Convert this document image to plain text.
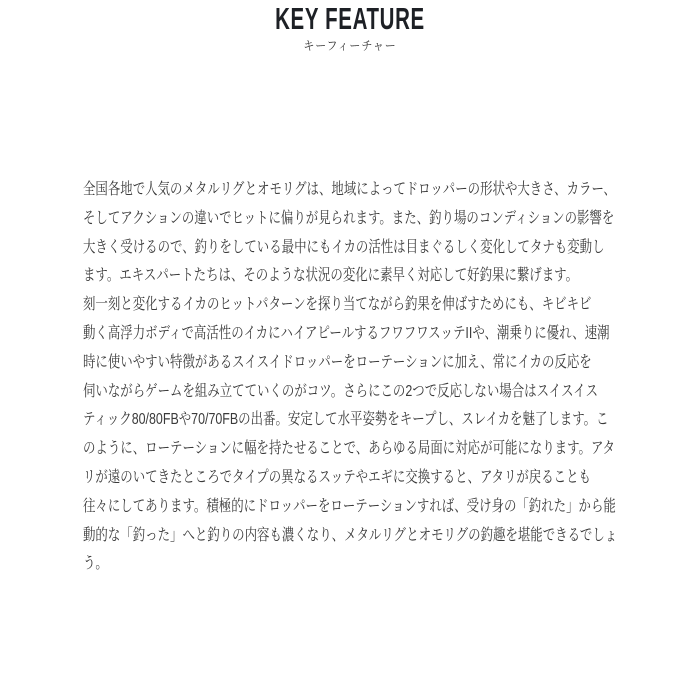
KEY FEATURE
キーフィーチャー
全国各地で人気のメタルリグとオモリグは、地域によってドロッパーの形状や大きさ、カラー、
そしてアクションの違いでヒットに偏りが見られます。また、釣り場のコンディションの影響を
大きく受けるので、釣りをしている最中にもイカの活性は目まぐるしく変化してタナも変動し
ます。エキスパートたちは、そのような状況の変化に素早く対応して好釣果に繋げます。
刻一刻と変化するイカのヒットパターンを探り当てながら釣果を伸ばすためにも、キビキビ
動く高浮力ボディで高活性のイカにハイアピールするフワフワスッテIIや、潮乗りに優れ、速潮
時に使いやすい特徴があるスイスイドロッパーをローテーションに加え、常にイカの反応を
伺いながらゲームを組み立てていくのがコツ。さらにこの2つで反応しない場合はスイスイス
ティック80/80FBや70/70FBの出番。安定して水平姿勢をキープし、スレイカを魅了します。こ
のように、ローテーションに幅を持たせることで、あらゆる局面に対応が可能になります。アタ
リが遠のいてきたところでタイプの異なるスッテやエギに交換すると、アタリが戻ることも
往々にしてあります。積極的にドロッパーをローテーションすれば、受け身の「釣れた」から能
動的な「釣った」へと釣りの内容も濃くなり、メタルリグとオモリグの釣趣を堪能できるでしょ
う。
